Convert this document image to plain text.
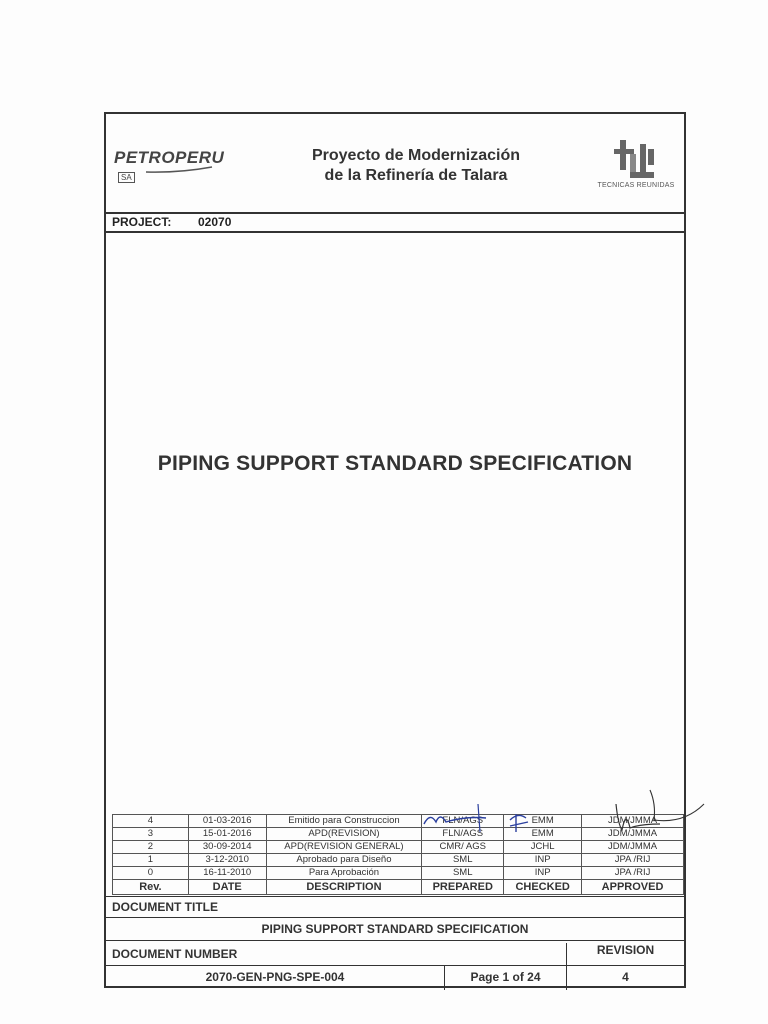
PETROPERUSA
Proyecto de Modernización
de la Refinería de Talara
TECNICAS REUNIDAS
PROJECT: 02070
PIPING SUPPORT STANDARD SPECIFICATION
4	01-03-2016	Emitido para Construccion	FLN/AGS	EMM	JDM/JMMA
3	15-01-2016	APD(REVISION)	FLN/AGS	EMM	JDM/JMMA
2	30-09-2014	APD(REVISION GENERAL)	CMR/ AGS	JCHL	JDM/JMMA
1	3-12-2010	Aprobado para Diseño	SML	INP	JPA /RIJ
0	16-11-2010	Para Aprobación	SML	INP	JPA /RIJ
Rev.	DATE	DESCRIPTION	PREPARED	CHECKED	APPROVED
DOCUMENT TITLE
PIPING SUPPORT STANDARD SPECIFICATION
DOCUMENT NUMBER	REVISION
2070-GEN-PNG-SPE-004	Page 1 of 24	4
